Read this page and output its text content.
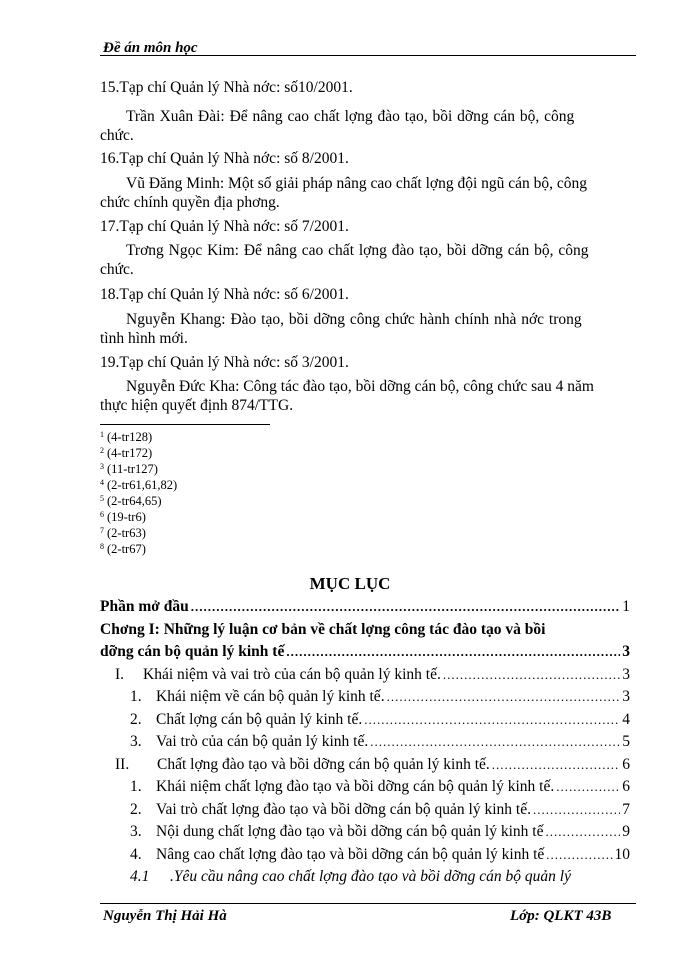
Đề án môn học
15.Tạp chí Quản lý Nhà nớc: số10/2001.
Trần Xuân Đài: Để nâng cao chất lợng đào tạo, bồi dỡng cán bộ, công
chức.
16.Tạp chí Quản lý Nhà nớc: số 8/2001.
Vũ Đăng Minh: Một số giải pháp nâng cao chất lợng đội ngũ cán bộ, công
chức chính quyền địa phơng.
17.Tạp chí Quản lý Nhà nớc: số 7/2001.
Trơng Ngọc Kim: Để nâng cao chất lợng đào tạo, bồi dỡng cán bộ, công
chức.
18.Tạp chí Quản lý Nhà nớc: số 6/2001.
Nguyễn Khang: Đào tạo, bồi dỡng công chức hành chính nhà nớc trong
tình hình mới.
19.Tạp chí Quản lý Nhà nớc: số 3/2001.
Nguyễn Đức Kha: Công tác đào tạo, bồi dỡng cán bộ, công chức sau 4 năm
thực hiện quyết định 874/TTG.
$^1$ (4-tr128)
$^2$ (4-tr172)
$^3$ (11-tr127)
$^4$ (2-tr61,61,82)
$^5$ (2-tr64,65)
$^6$ (19-tr6)
$^7$ (2-tr63)
$^8$ (2-tr67)
MỤC LỤC
Phần mở đầu .....	1
Chơng I: Những lý luận cơ bản về chất lợng công tác đào tạo và bồi
dỡng cán bộ quản lý kinh tế .....	3
I.	Khái niệm và vai trò của cán bộ quản lý kinh tế. .....	3
1. Khái niệm về cán bộ quản lý kinh tế. .....	3
2. Chất lợng cán bộ quản lý kinh tế. .....	4
3. Vai trò của cán bộ quản lý kinh tế. .....	5
II.	Chất lợng đào tạo và bồi dỡng cán bộ quản lý kinh tế. .....	6
1. Khái niệm chất lợng đào tạo và bồi dỡng cán bộ quản lý kinh tế. .....	6
2. Vai trò chất lợng đào tạo và bồi dỡng cán bộ quản lý kinh tế. .....	7
3. Nội dung chất lợng đào tạo và bồi dỡng cán bộ quản lý kinh tế .....	9
4. Nâng cao chất lợng đào tạo và bồi dỡng cán bộ quản lý kinh tế .....	10
4.1 .Yêu cầu nâng cao chất lợng đào tạo và bồi dỡng cán bộ quản lý
Nguyễn Thị Hải Hà	Lớp: QLKT 43B
